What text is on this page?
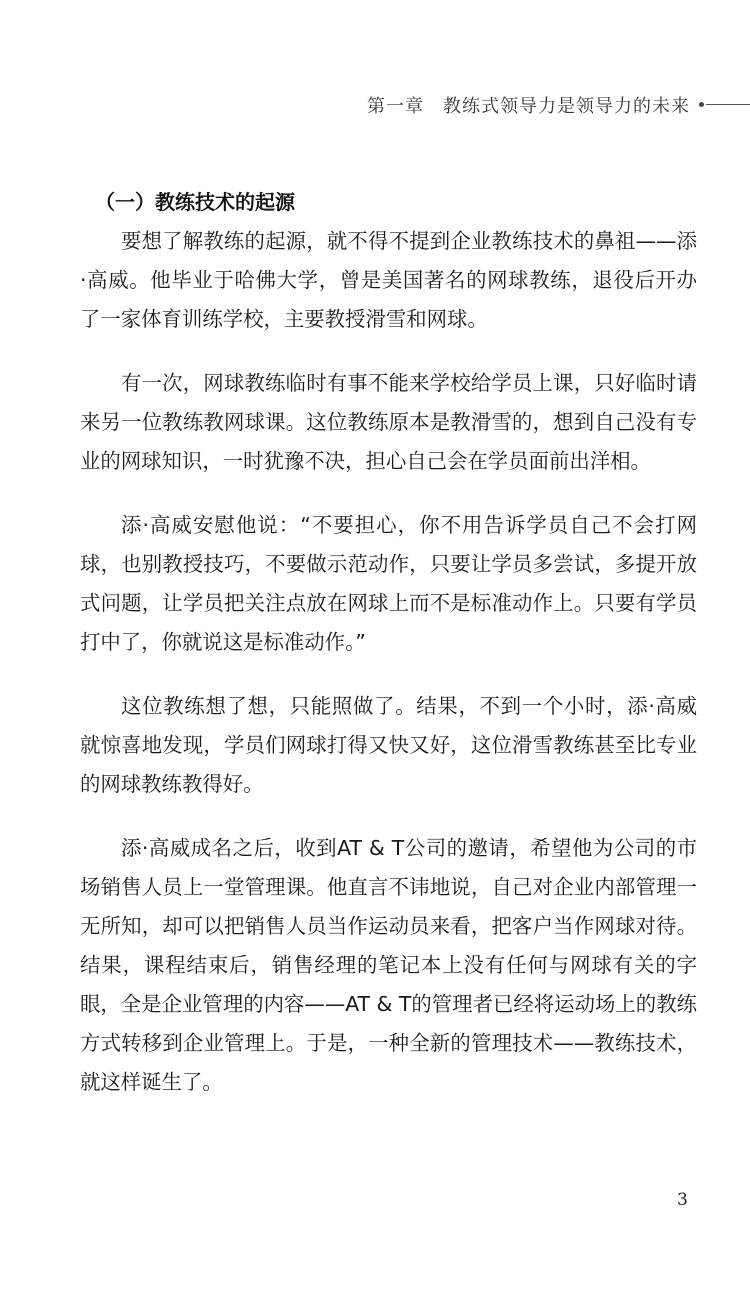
第一章　教练式领导力是领导力的未来
（一）教练技术的起源

要想了解教练的起源，就不得不提到企业教练技术的鼻祖——添·高威。他毕业于哈佛大学，曾是美国著名的网球教练，退役后开办了一家体育训练学校，主要教授滑雪和网球。

有一次，网球教练临时有事不能来学校给学员上课，只好临时请来另一位教练教网球课。这位教练原本是教滑雪的，想到自己没有专业的网球知识，一时犹豫不决，担心自己会在学员面前出洋相。

添·高威安慰他说：“不要担心，你不用告诉学员自己不会打网球，也别教授技巧，不要做示范动作，只要让学员多尝试，多提开放式问题，让学员把关注点放在网球上而不是标准动作上。只要有学员打中了，你就说这是标准动作。”

这位教练想了想，只能照做了。结果，不到一个小时，添·高威就惊喜地发现，学员们网球打得又快又好，这位滑雪教练甚至比专业的网球教练教得好。

添·高威成名之后，收到AT & T公司的邀请，希望他为公司的市场销售人员上一堂管理课。他直言不讳地说，自己对企业内部管理一无所知，却可以把销售人员当作运动员来看，把客户当作网球对待。结果，课程结束后，销售经理的笔记本上没有任何与网球有关的字眼，全是企业管理的内容——AT & T的管理者已经将运动场上的教练方式转移到企业管理上。于是，一种全新的管理技术——教练技术，就这样诞生了。

3
